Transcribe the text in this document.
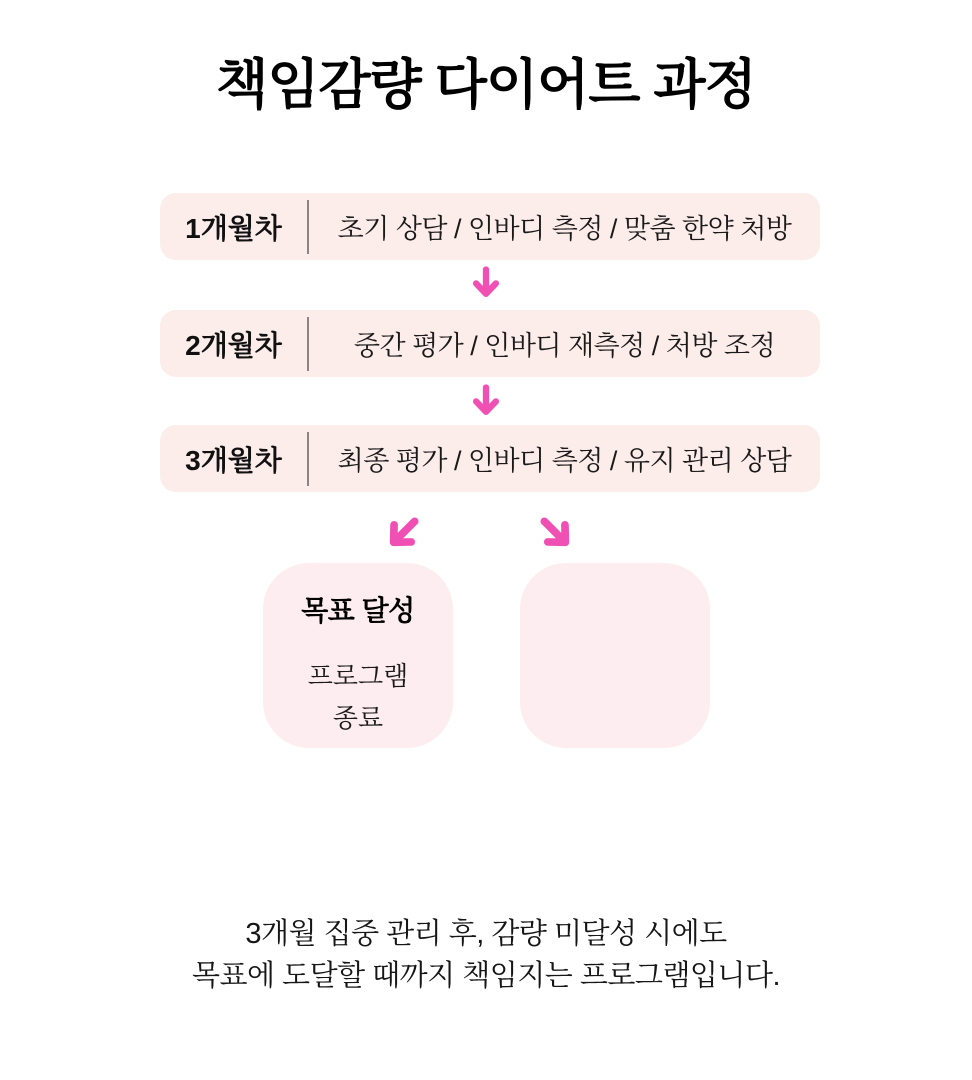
책임감량 다이어트 과정
1개월차	초기 상담 / 인바디 측정 / 맞춤 한약 처방
2개월차	중간 평가 / 인바디 재측정 / 처방 조정
3개월차	최종 평가 / 인바디 측정 / 유지 관리 상담
목표 달성
프로그램
종료
3개월 집중 관리 후, 감량 미달성 시에도
목표에 도달할 때까지 책임지는 프로그램입니다.
